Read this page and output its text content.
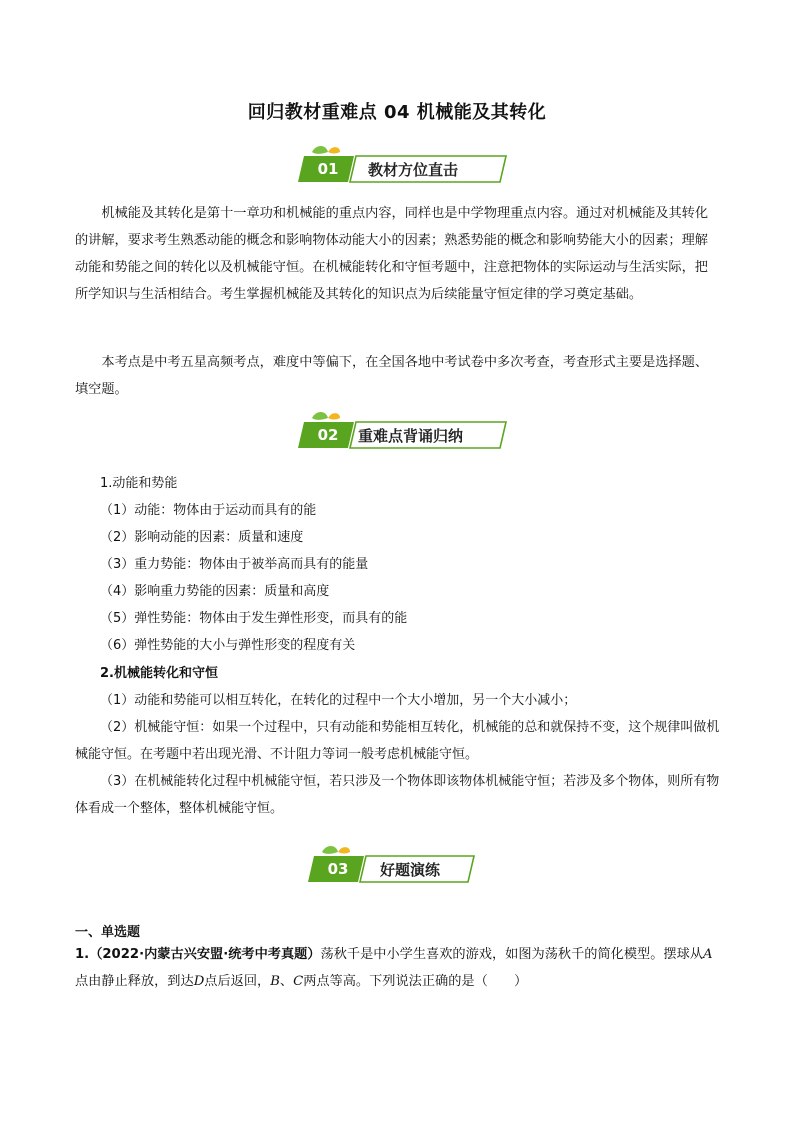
回归教材重难点 04 机械能及其转化
01	教材方位直击

机械能及其转化是第十一章功和机械能的重点内容，同样也是中学物理重点内容。通过对机械能及其转化的讲解，要求考生熟悉动能的概念和影响物体动能大小的因素；熟悉势能的概念和影响势能大小的因素；理解动能和势能之间的转化以及机械能守恒。在机械能转化和守恒考题中，注意把物体的实际运动与生活实际，把所学知识与生活相结合。考生掌握机械能及其转化的知识点为后续能量守恒定律的学习奠定基础。

本考点是中考五星高频考点，难度中等偏下，在全国各地中考试卷中多次考查，考查形式主要是选择题、填空题。

02	重难点背诵归纳
1.动能和势能
（1）动能：物体由于运动而具有的能
（2）影响动能的因素：质量和速度
（3）重力势能：物体由于被举高而具有的能量
（4）影响重力势能的因素：质量和高度
（5）弹性势能：物体由于发生弹性形变，而具有的能
（6）弹性势能的大小与弹性形变的程度有关
2.机械能转化和守恒
（1）动能和势能可以相互转化，在转化的过程中一个大小增加，另一个大小减小；

（2）机械能守恒：如果一个过程中，只有动能和势能相互转化，机械能的总和就保持不变，这个规律叫做机械能守恒。在考题中若出现光滑、不计阻力等词一般考虑机械能守恒。

（3）在机械能转化过程中机械能守恒，若只涉及一个物体即该物体机械能守恒；若涉及多个物体，则所有物体看成一个整体，整体机械能守恒。

03	好题演练
一、单选题

1.（2022·内蒙古兴安盟·统考中考真题）荡秋千是中小学生喜欢的游戏，如图为荡秋千的简化模型。摆球从A点由静止释放，到达D点后返回，B、C两点等高。下列说法正确的是（　　）
